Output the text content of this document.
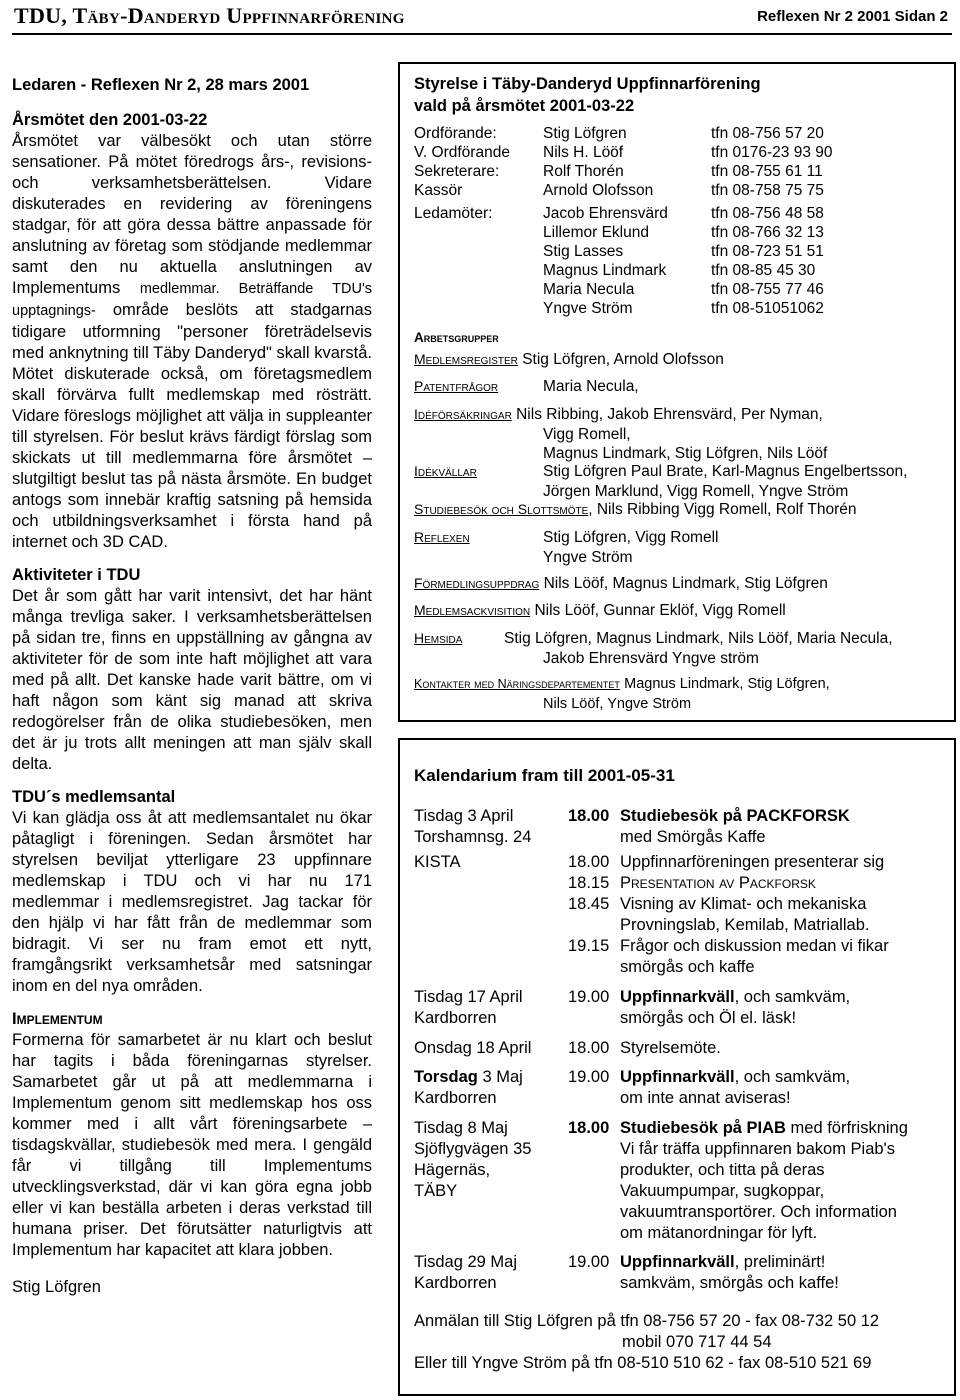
TDU, Täby-Danderyd Uppfinnarförening	Reflexen Nr 2 2001 Sidan 2
Ledaren - Reflexen Nr 2, 28 mars 2001
Årsmötet den 2001-03-22

Årsmötet var välbesökt och utan större sensationer. På mötet föredrogs års-, revisions- och verksamhetsberättelsen. Vidare diskuterades en revidering av föreningens stadgar, för att göra dessa bättre anpassade för anslutning av företag som stödjande medlemmar samt den nu aktuella anslutningen av Implementums medlemmar. Beträffande TDU's upptagnings- område beslöts att stadgarnas tidigare utformning "personer företrädelsevis med anknytning till Täby Danderyd" skall kvarstå. Mötet diskuterade också, om företagsmedlem skall förvärva fullt medlemskap med rösträtt. Vidare föreslogs möjlighet att välja in suppleanter till styrelsen. För beslut krävs färdigt förslag som skickats ut till medlemmarna före årsmötet – slutgiltigt beslut tas på nästa årsmöte. En budget antogs som innebär kraftig satsning på hemsida och utbildningsverksamhet i första hand på internet och 3D CAD.

Aktiviteter i TDU

Det år som gått har varit intensivt, det har hänt många trevliga saker. I verksamhetsberättelsen på sidan tre, finns en uppställning av gångna av aktiviteter för de som inte haft möjlighet att vara med på allt. Det kanske hade varit bättre, om vi haft någon som känt sig manad att skriva redogörelser från de olika studiebesöken, men det är ju trots allt meningen att man själv skall delta.

TDU´s medlemsantal

Vi kan glädja oss åt att medlemsantalet nu ökar påtagligt i föreningen. Sedan årsmötet har styrelsen beviljat ytterligare 23 uppfinnare medlemskap i TDU och vi har nu 171 medlemmar i medlemsregistret. Jag tackar för den hjälp vi har fått från de medlemmar som bidragit. Vi ser nu fram emot ett nytt, framgångsrikt verksamhetsår med satsningar inom en del nya områden.

Implementum

Formerna för samarbetet är nu klart och beslut har tagits i båda föreningarnas styrelser. Samarbetet går ut på att medlemmarna i Implementum genom sitt medlemskap hos oss kommer med i allt vårt föreningsarbete – tisdagskvällar, studiebesök med mera. I gengäld får vi tillgång till Implementums utvecklingsverkstad, där vi kan göra egna jobb eller vi kan beställa arbeten i deras verkstad till humana priser. Det förutsätter naturligtvis att Implementum har kapacitet att klara jobben.

Stig Löfgren
Styrelse i Täby-Danderyd Uppfinnarförening
vald på årsmötet 2001-03-22
Ordförande:	Stig Löfgren	tfn 08-756 57 20
V. Ordförande Nils H. Lööf	tfn 0176-23 93 90
Sekreterare:	Rolf Thorén	tfn 08-755 61 11
Kassör	Arnold Olofsson	tfn 08-758 75 75
Ledamöter:	Jacob Ehrensvärd	tfn 08-756 48 58
Lillemor Eklund	tfn 08-766 32 13
Stig Lasses	tfn 08-723 51 51
Magnus Lindmark	tfn 08-85 45 30
Maria Necula	tfn 08-755 77 46
Yngve Ström	tfn 08-51051062
Arbetsgrupper
Medlemsregister Stig Löfgren, Arnold Olofsson
Patentfrågor	Maria Necula,
Idéförsäkringar Nils Ribbing, Jakob Ehrensvärd, Per Nyman,
Vigg Romell,
Magnus Lindmark, Stig Löfgren, Nils Lööf
Idékvällar	Stig Löfgren Paul Brate, Karl-Magnus Engelbertsson,
Jörgen Marklund, Vigg Romell, Yngve Ström
Studiebesök och Slottsmöte, Nils Ribbing Vigg Romell, Rolf Thorén
Reflexen	Stig Löfgren, Vigg Romell
Yngve Ström
Förmedlingsuppdrag Nils Lööf, Magnus Lindmark, Stig Löfgren
Medlemsackvisition Nils Lööf, Gunnar Eklöf, Vigg Romell
Hemsida	Stig Löfgren, Magnus Lindmark, Nils Lööf, Maria Necula,
Jakob Ehrensvärd Yngve ström
Kontakter med Näringsdepartementet Magnus Lindmark, Stig Löfgren,
Nils Lööf, Yngve Ström
Kalendarium fram till 2001-05-31
Tisdag 3 April	18.00 Studiebesök på PACKFORSK
Torshamnsg. 24	med Smörgås Kaffe
KISTA	18.00 Uppfinnarföreningen presenterar sig
18.15 Presentation av Packforsk
18.45 Visning av Klimat- och mekaniska
Provningslab, Kemilab, Matriallab.
19.15 Frågor och diskussion medan vi fikar
smörgås och kaffe
Tisdag 17 April	19.00 Uppfinnarkväll, och samkväm,
Kardborren	smörgås och Öl el. läsk!
Onsdag 18 April 18.00 Styrelsemöte.
Torsdag 3 Maj	19.00 Uppfinnarkväll, och samkväm,
Kardborren	om inte annat aviseras!
Tisdag 8 Maj	18.00 Studiebesök på PIAB med förfriskning
Sjöflygvägen 35	Vi får träffa uppfinnaren bakom Piab's
Hägernäs,	produkter, och titta på deras
TÄBY	Vakuumpumpar, sugkoppar,
vakuumtransportörer. Och information
om mätanordningar för lyft.
Tisdag 29 Maj	19.00 Uppfinnarkväll, preliminärt!
Kardborren	samkväm, smörgås och kaffe!
Anmälan till Stig Löfgren på tfn 08-756 57 20 - fax 08-732 50 12
mobil 070 717 44 54
Eller till Yngve Ström på tfn 08-510 510 62 - fax 08-510 521 69
